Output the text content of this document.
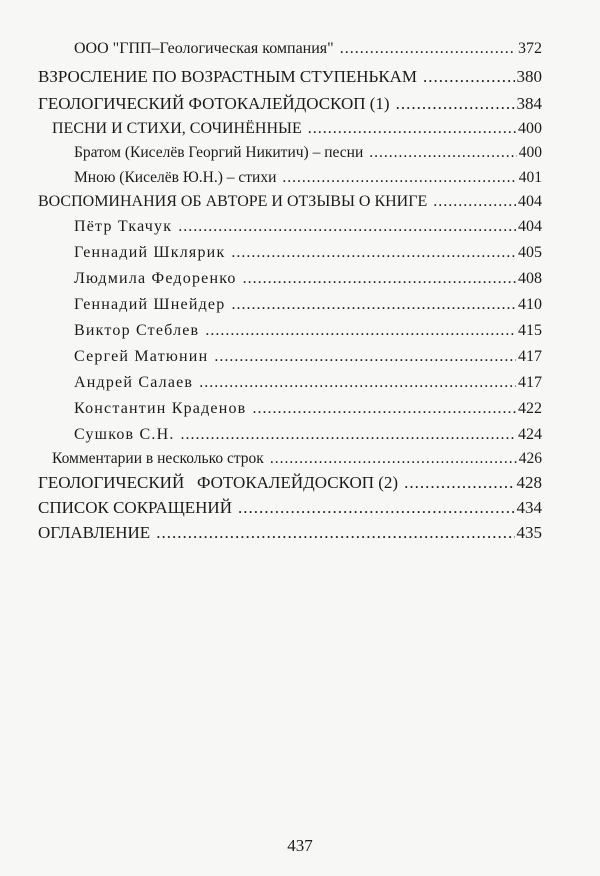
ООО "ГПП–Геологическая компания" .....	372
ВЗРОСЛЕНИЕ ПО ВОЗРАСТНЫМ СТУПЕНЬКАМ .....	380
ГЕОЛОГИЧЕСКИЙ ФОТОКАЛЕЙДОСКОП (1) .....	384
ПЕСНИ И СТИХИ, СОЧИНЁННЫЕ .....	400
Братом (Киселёв Георгий Никитич) – песни .....	400
Мною (Киселёв Ю.Н.) – стихи .....	401
ВОСПОМИНАНИЯ ОБ АВТОРЕ И ОТЗЫВЫ О КНИГЕ .....	404
Пётр Ткачук .....	404
Геннадий Шклярик .....	405
Людмила Федоренко .....	408
Геннадий Шнейдер .....	410
Виктор Стеблев .....	415
Сергей Матюнин .....	417
Андрей Салаев .....	417
Константин Краденов .....	422
Сушков С.Н. .....	424
Комментарии в несколько строк .....	426
ГЕОЛОГИЧЕСКИЙ   ФОТОКАЛЕЙДОСКОП (2) .....	428
СПИСОК СОКРАЩЕНИЙ .....	434
ОГЛАВЛЕНИЕ .....	435
437
